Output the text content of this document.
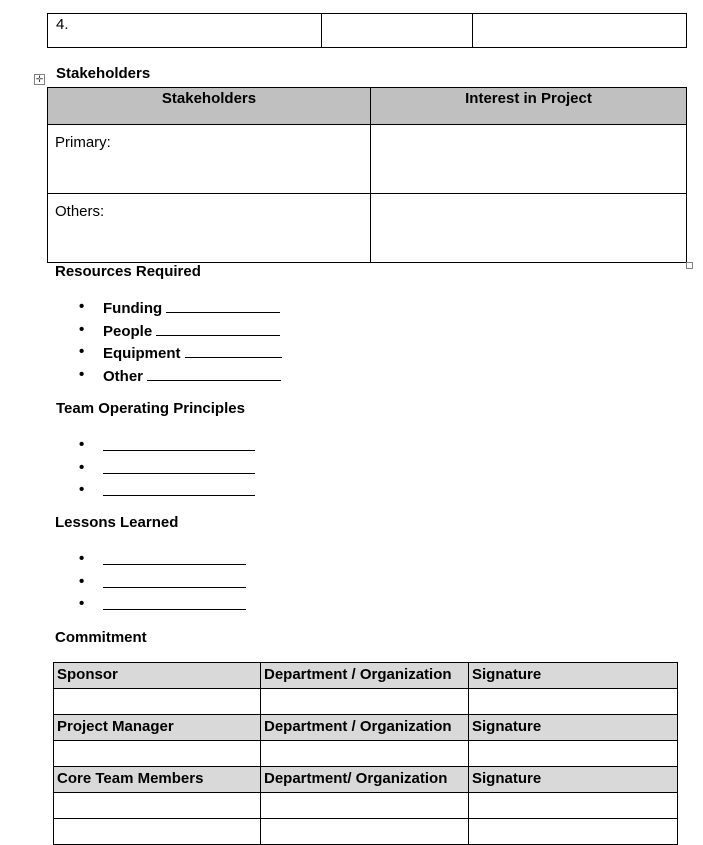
4.

✛ Stakeholders
Stakeholders	Interest in Project

Primary:	

Others:	

Resources Required
• Funding
• People
• Equipment
• Other
Team Operating Principles
•
•
•
Lessons Learned
•
•
•
Commitment
Sponsor	Department / Organization	Signature

Project Manager	Department / Organization	Signature

Core Team Members	Department/ Organization	Signature
